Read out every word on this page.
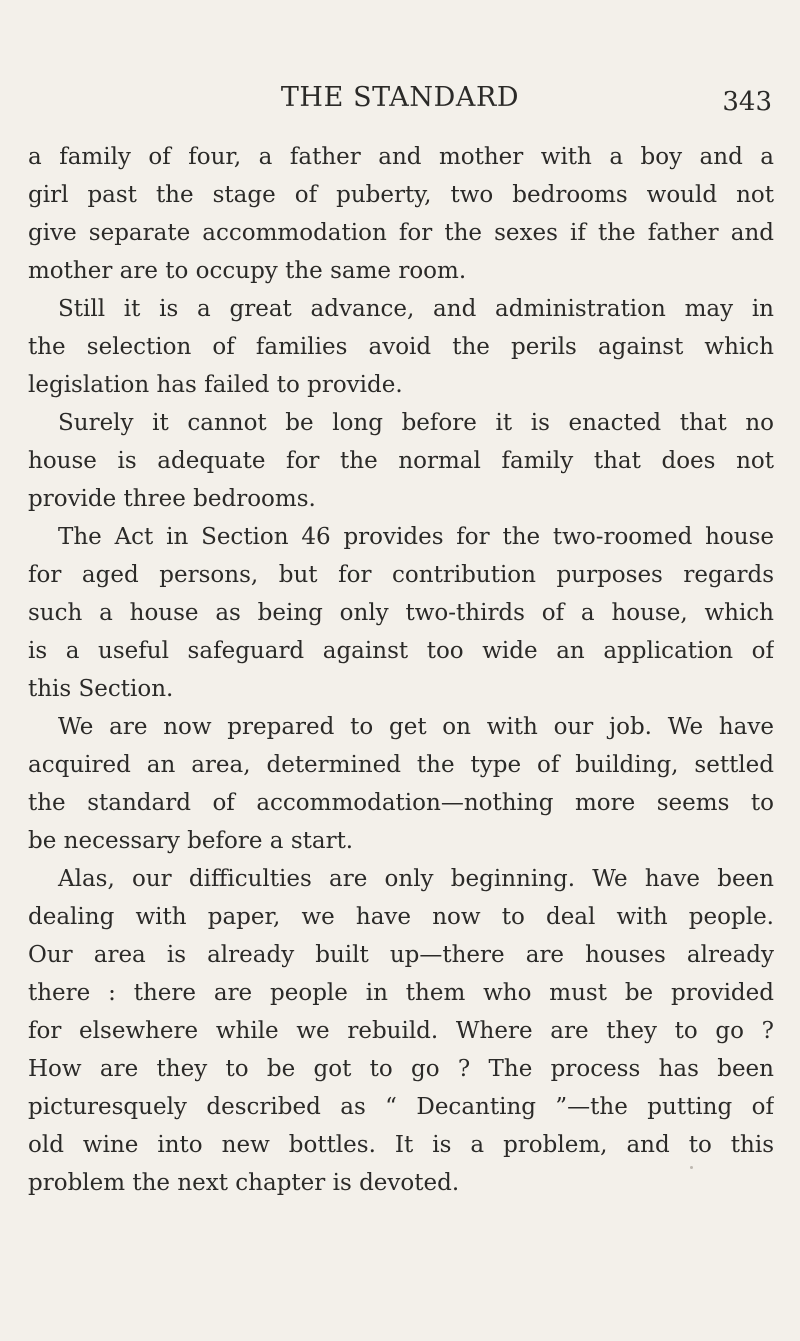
THE STANDARD	343
a family of four, a father and mother with a boy and a
girl past the stage of puberty, two bedrooms would not
give separate accommodation for the sexes if the father and
mother are to occupy the same room.
Still it is a great advance, and administration may in
the selection of families avoid the perils against which
legislation has failed to provide.
Surely it cannot be long before it is enacted that no
house is adequate for the normal family that does not
provide three bedrooms.
The Act in Section 46 provides for the two-roomed house
for aged persons, but for contribution purposes regards
such a house as being only two-thirds of a house, which
is a useful safeguard against too wide an application of
this Section.
We are now prepared to get on with our job. We have
acquired an area, determined the type of building, settled
the standard of accommodation—nothing more seems to
be necessary before a start.
Alas, our difficulties are only beginning. We have been
dealing with paper, we have now to deal with people.
Our area is already built up—there are houses already
there : there are people in them who must be provided
for elsewhere while we rebuild. Where are they to go ?
How are they to be got to go ? The process has been
picturesquely described as “ Decanting ”—the putting of
old wine into new bottles. It is a problem, and to this
problem the next chapter is devoted.
